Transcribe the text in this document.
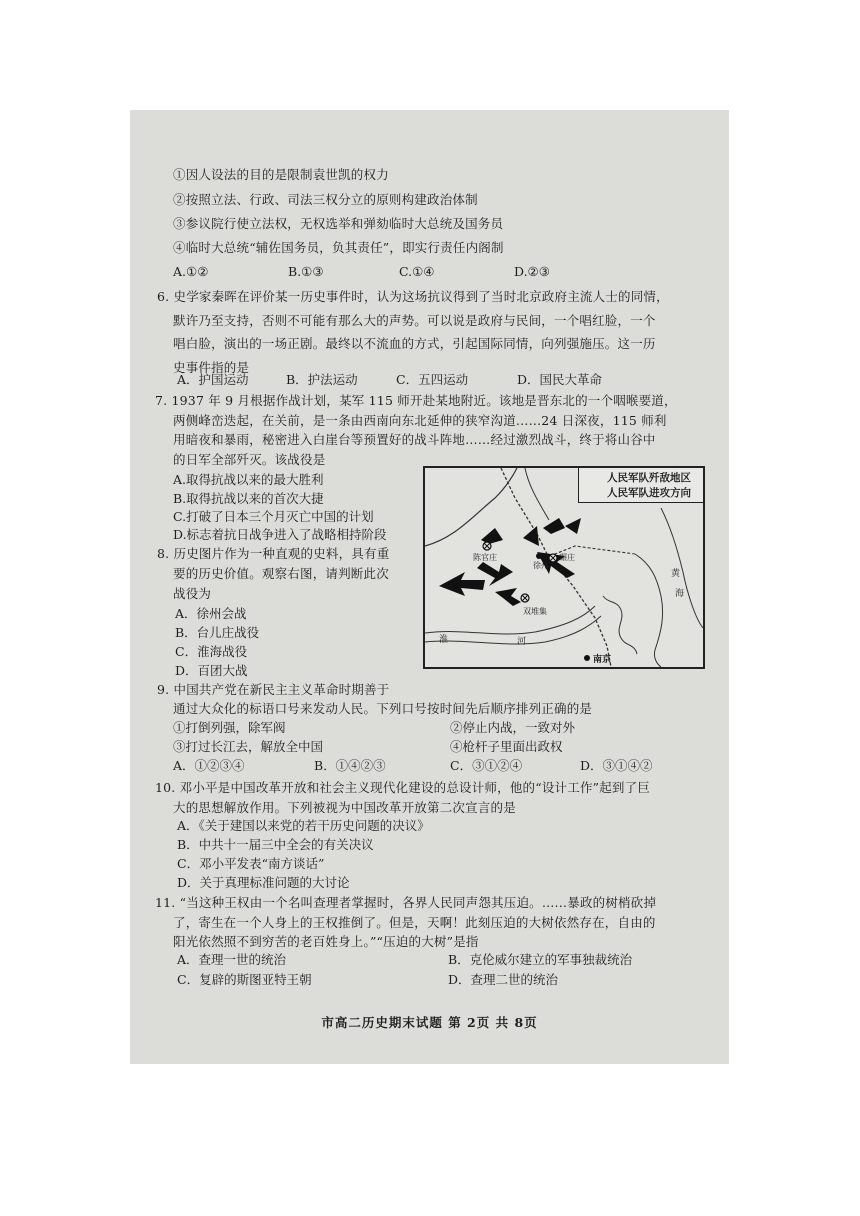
①因人设法的目的是限制袁世凯的权力
②按照立法、行政、司法三权分立的原则构建政治体制
③参议院行使立法权，无权选举和弹劾临时大总统及国务员
④临时大总统“辅佐国务员，负其责任”，即实行责任内阁制
A.①②	B.①③	C.①④	D.②③
6. 史学家秦晖在评价某一历史事件时，认为这场抗议得到了当时北京政府主流人士的同情，
默许乃至支持，否则不可能有那么大的声势。可以说是政府与民间，一个唱红脸，一个
唱白脸，演出的一场正剧。最终以不流血的方式，引起国际同情，向列强施压。这一历
史事件指的是
A．护国运动	B．护法运动	C．五四运动	D．国民大革命
7. 1937 年 9 月根据作战计划，某军 115 师开赴某地附近。该地是晋东北的一个咽喉要道，
两侧峰峦迭起，在关前，是一条由西南向东北延伸的狭窄沟道……24 日深夜，115 师利
用暗夜和暴雨，秘密进入白崖台等预置好的战斗阵地……经过激烈战斗，终于将山谷中
的日军全部歼灭。该战役是
A.取得抗战以来的最大胜利
B.取得抗战以来的首次大捷
C.打破了日本三个月灭亡中国的计划
D.标志着抗日战争进入了战略相持阶段
8. 历史图片作为一种直观的史料，具有重
要的历史价值。观察右图，请判断此次
战役为
A．徐州会战
B．台儿庄战役
C．淮海战役
D．百团大战
人民军队歼敌地区
人民军队进攻方向
陈官庄
徐州
碾庄
双堆集
南京
淮	河
黄
海
9. 中国共产党在新民主主义革命时期善于
通过大众化的标语口号来发动人民。下列口号按时间先后顺序排列正确的是
①打倒列强，除军阀	②停止内战，一致对外
③打过长江去，解放全中国	④枪杆子里面出政权
A．①②③④	B．①④②③	C．③①②④	D．③①④②
10. 邓小平是中国改革开放和社会主义现代化建设的总设计师，他的“设计工作”起到了巨
大的思想解放作用。下列被视为中国改革开放第二次宣言的是
A．《关于建国以来党的若干历史问题的决议》
B．中共十一届三中全会的有关决议
C．邓小平发表“南方谈话”
D．关于真理标准问题的大讨论
11. “当这种王权由一个名叫查理者掌握时，各界人民同声怨其压迫。……暴政的树梢砍掉
了，寄生在一个人身上的王权推倒了。但是，天啊！此刻压迫的大树依然存在，自由的
阳光依然照不到穷苦的老百姓身上。”“压迫的大树”是指
A．查理一世的统治	B．克伦威尔建立的军事独裁统治
C．复辟的斯图亚特王朝	D．查理二世的统治
市高二历史期末试题 第 2页 共 8页
